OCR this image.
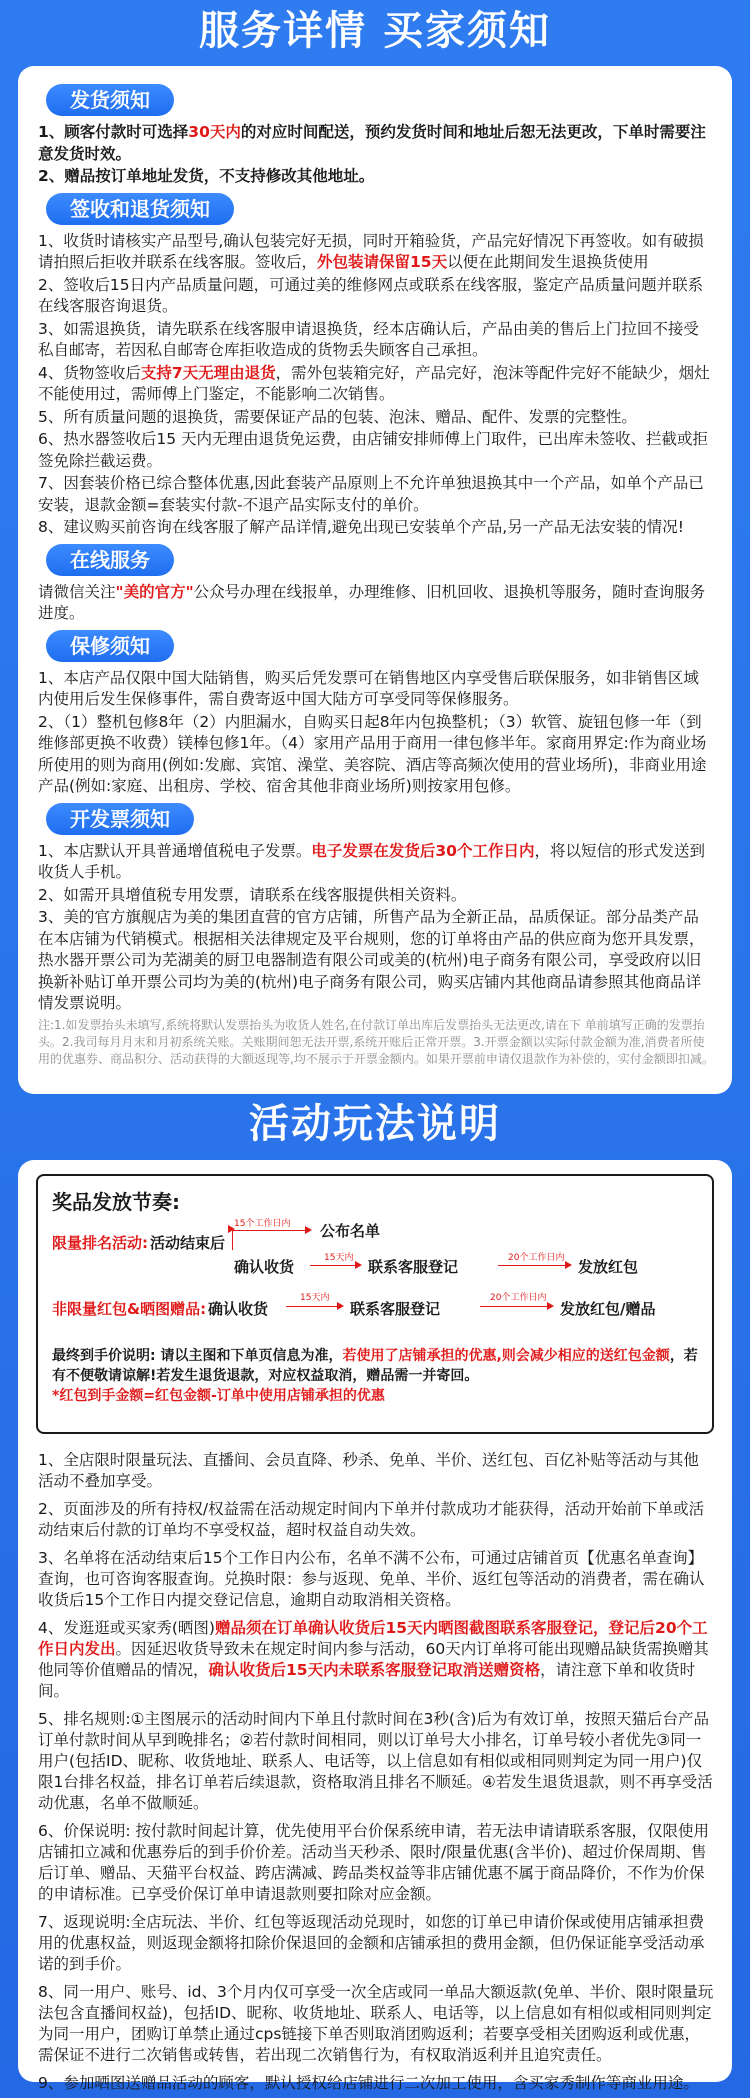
服务详情 买家须知
发货须知
1、顾客付款时可选择30天内的对应时间配送，预约发货时间和地址后恕无法更改，下单时需要注意发货时效。
2、赠品按订单地址发货，不支持修改其他地址。
签收和退货须知
1、收货时请核实产品型号,确认包装完好无损，同时开箱验货，产品完好情况下再签收。如有破损请拍照后拒收并联系在线客服。签收后，外包装请保留15天以便在此期间发生退换货使用
2、签收后15日内产品质量问题，可通过美的维修网点或联系在线客服，鉴定产品质量问题并联系在线客服咨询退货。
3、如需退换货，请先联系在线客服申请退换货，经本店确认后，产品由美的售后上门拉回不接受私自邮寄，若因私自邮寄仓库拒收造成的货物丢失顾客自己承担。
4、货物签收后支持7天无理由退货，需外包装箱完好，产品完好，泡沫等配件完好不能缺少，烟灶不能使用过，需师傅上门鉴定，不能影响二次销售。
5、所有质量问题的退换货，需要保证产品的包装、泡沫、赠品、配件、发票的完整性。
6、热水器签收后15 天内无理由退货免运费，由店铺安排师傅上门取件，已出库未签收、拦截或拒签免除拦截运费。
7、因套装价格已综合整体优惠,因此套装产品原则上不允许单独退换其中一个产品，如单个产品已安装，退款金额=套装实付款-不退产品实际支付的单价。
8、建议购买前咨询在线客服了解产品详情,避免出现已安装单个产品,另一产品无法安装的情况!
在线服务
请微信关注"美的官方"公众号办理在线报单，办理维修、旧机回收、退换机等服务，随时查询服务进度。
保修须知
1、本店产品仅限中国大陆销售，购买后凭发票可在销售地区内享受售后联保服务，如非销售区域内使用后发生保修事件，需自费寄返中国大陆方可享受同等保修服务。
2、（1）整机包修8年（2）内胆漏水，自购买日起8年内包换整机；（3）软管、旋钮包修一年（到维修部更换不收费）镁棒包修1年。（4）家用产品用于商用一律包修半年。家商用界定:作为商业场所使用的则为商用(例如:发廊、宾馆、澡堂、美容院、酒店等高频次使用的营业场所)，非商业用途产品(例如:家庭、出租房、学校、宿舍其他非商业场所)则按家用包修。
开发票须知
1、本店默认开具普通增值税电子发票。电子发票在发货后30个工作日内，将以短信的形式发送到收货人手机。
2、如需开具增值税专用发票，请联系在线客服提供相关资料。
3、美的官方旗舰店为美的集团直营的官方店铺，所售产品为全新正品，品质保证。部分品类产品在本店铺为代销模式。根据相关法律规定及平台规则，您的订单将由产品的供应商为您开具发票，热水器开票公司为芜湖美的厨卫电器制造有限公司或美的(杭州)电子商务有限公司，享受政府以旧换新补贴订单开票公司均为美的(杭州)电子商务有限公司，购买店铺内其他商品请参照其他商品详情发票说明。
注:1.如发票抬头未填写,系统将默认发票抬头为收货人姓名,在付款订单出库后发票抬头无法更改,请在下 单前填写正确的发票抬头。2.我司每月月末和月初系统关账。关账期间恕无法开票,系统开账后正常开票。3.开票金额以实际付款金额为准,消费者所使用的优惠券、商品积分、活动获得的大额返现等,均不展示于开票金额内。如果开票前申请仅退款作为补偿的，实付金额即扣减。
活动玩法说明
奖品发放节奏:
限量排名活动: 活动结束后
15个工作日内 公布名单
确认收货	15天内 联系客服登记	20个工作日内 发放红包
非限量红包&晒图赠品: 确认收货
15天内
联系客服登记
20个工作日内
发放红包/赠品
最终到手价说明: 请以主图和下单页信息为准，若使用了店铺承担的优惠,则会减少相应的送红包金额，若有不便敬请谅解!若发生退货退款，对应权益取消，赠品需一并寄回。
*红包到手金额=红包金额-订单中使用店铺承担的优惠
1、全店限时限量玩法、直播间、会员直降、秒杀、免单、半价、送红包、百亿补贴等活动与其他活动不叠加享受。
2、页面涉及的所有持权/权益需在活动规定时间内下单并付款成功才能获得，活动开始前下单或活动结束后付款的订单均不享受权益，超时权益自动失效。
3、名单将在活动结束后15个工作日内公布，名单不满不公布，可通过店铺首页【优惠名单查询】查询，也可咨询客服查询。兑换时限：参与返现、免单、半价、返红包等活动的消费者，需在确认收货后15个工作日内提交登记信息，逾期自动取消相关资格。
4、发逛逛或买家秀(晒图)赠品须在订单确认收货后15天内晒图截图联系客服登记，登记后20个工作日内发出。因延迟收货导致未在规定时间内参与活动，60天内订单将可能出现赠品缺货需换赠其他同等价值赠品的情况，确认收货后15天内未联系客服登记取消送赠资格，请注意下单和收货时间。
5、排名规则:①主图展示的活动时间内下单且付款时间在3秒(含)后为有效订单，按照天猫后台产品订单付款时间从早到晚排名；②若付款时间相同，则以订单号大小排名，订单号较小者优先③同一用户(包括ID、昵称、收货地址、联系人、电话等，以上信息如有相似或相同则判定为同一用户)仅限1台排名权益，排名订单若后续退款，资格取消且排名不顺延。④若发生退货退款，则不再享受活动优惠，名单不做顺延。
6、价保说明: 按付款时间起计算，优先使用平台价保系统申请，若无法申请请联系客服，仅限使用店铺扣立减和优惠券后的到手价价差。活动当天秒杀、限时/限量优惠(含半价)、超过价保周期、售后订单、赠品、天猫平台权益、跨店满减、跨品类权益等非店铺优惠不属于商品降价，不作为价保的申请标准。已享受价保订单申请退款则要扣除对应金额。
7、返现说明:全店玩法、半价、红包等返现活动兑现时，如您的订单已申请价保或使用店铺承担费用的优惠权益，则返现金额将扣除价保退回的金额和店铺承担的费用金额，但仍保证能享受活动承诺的到手价。
8、同一用户、账号、id、3个月内仅可享受一次全店或同一单品大额返款(免单、半价、限时限量玩法包含直播间权益)，包括ID、昵称、收货地址、联系人、电话等，以上信息如有相似或相同则判定为同一用户，团购订单禁止通过cps链接下单否则取消团购返利；若要享受相关团购返利或优惠，需保证不进行二次销售或转售，若出现二次销售行为，有权取消返利并且追究责任。
9、参加晒图送赠品活动的顾客，默认授权给店铺进行二次加工使用，含买家秀制作等商业用途。
